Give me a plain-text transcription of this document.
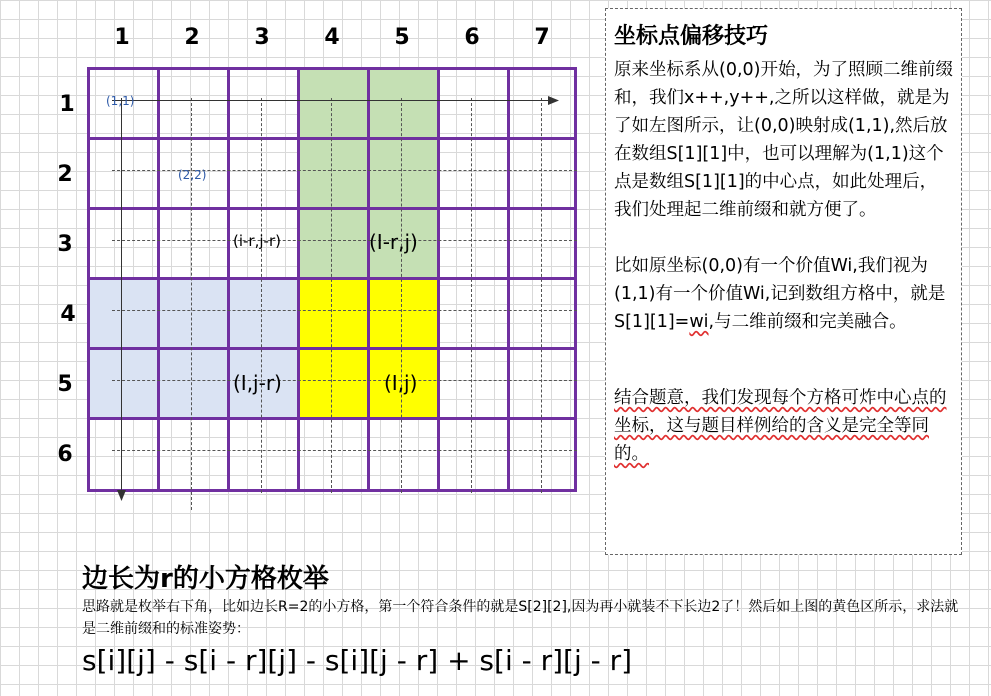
1	2	3	4	5	6	7
1
2
3
4
5
6
(1,1)
(2,2)
(i-r,j-r)	(I-r,j)
(I,j-r)	(I,j)
坐标点偏移技巧

原来坐标系从(0,0)开始，为了照顾二维前缀和，我们x++,y++,之所以这样做，就是为了如左图所示，让(0,0)映射成(1,1),然后放在数组S[1][1]中，也可以理解为(1,1)这个点是数组S[1][1]的中心点，如此处理后，我们处理起二维前缀和就方便了。

比如原坐标(0,0)有一个价值Wi,我们视为(1,1)有一个价值Wi,记到数组方格中，就是S[1][1]=wi,与二维前缀和完美融合。

结合题意，我们发现每个方格可炸中心点的坐标，这与题目样例给的含义是完全等同的。

边长为r的小方格枚举
思路就是枚举右下角，比如边长R=2的小方格，第一个符合条件的就是S[2][2],因为再小就装不下长边2了！然后如上图的黄色区所示，求法就是二维前缀和的标准姿势：
s[i][j] - s[i - r][j] - s[i][j - r] + s[i - r][j - r]
